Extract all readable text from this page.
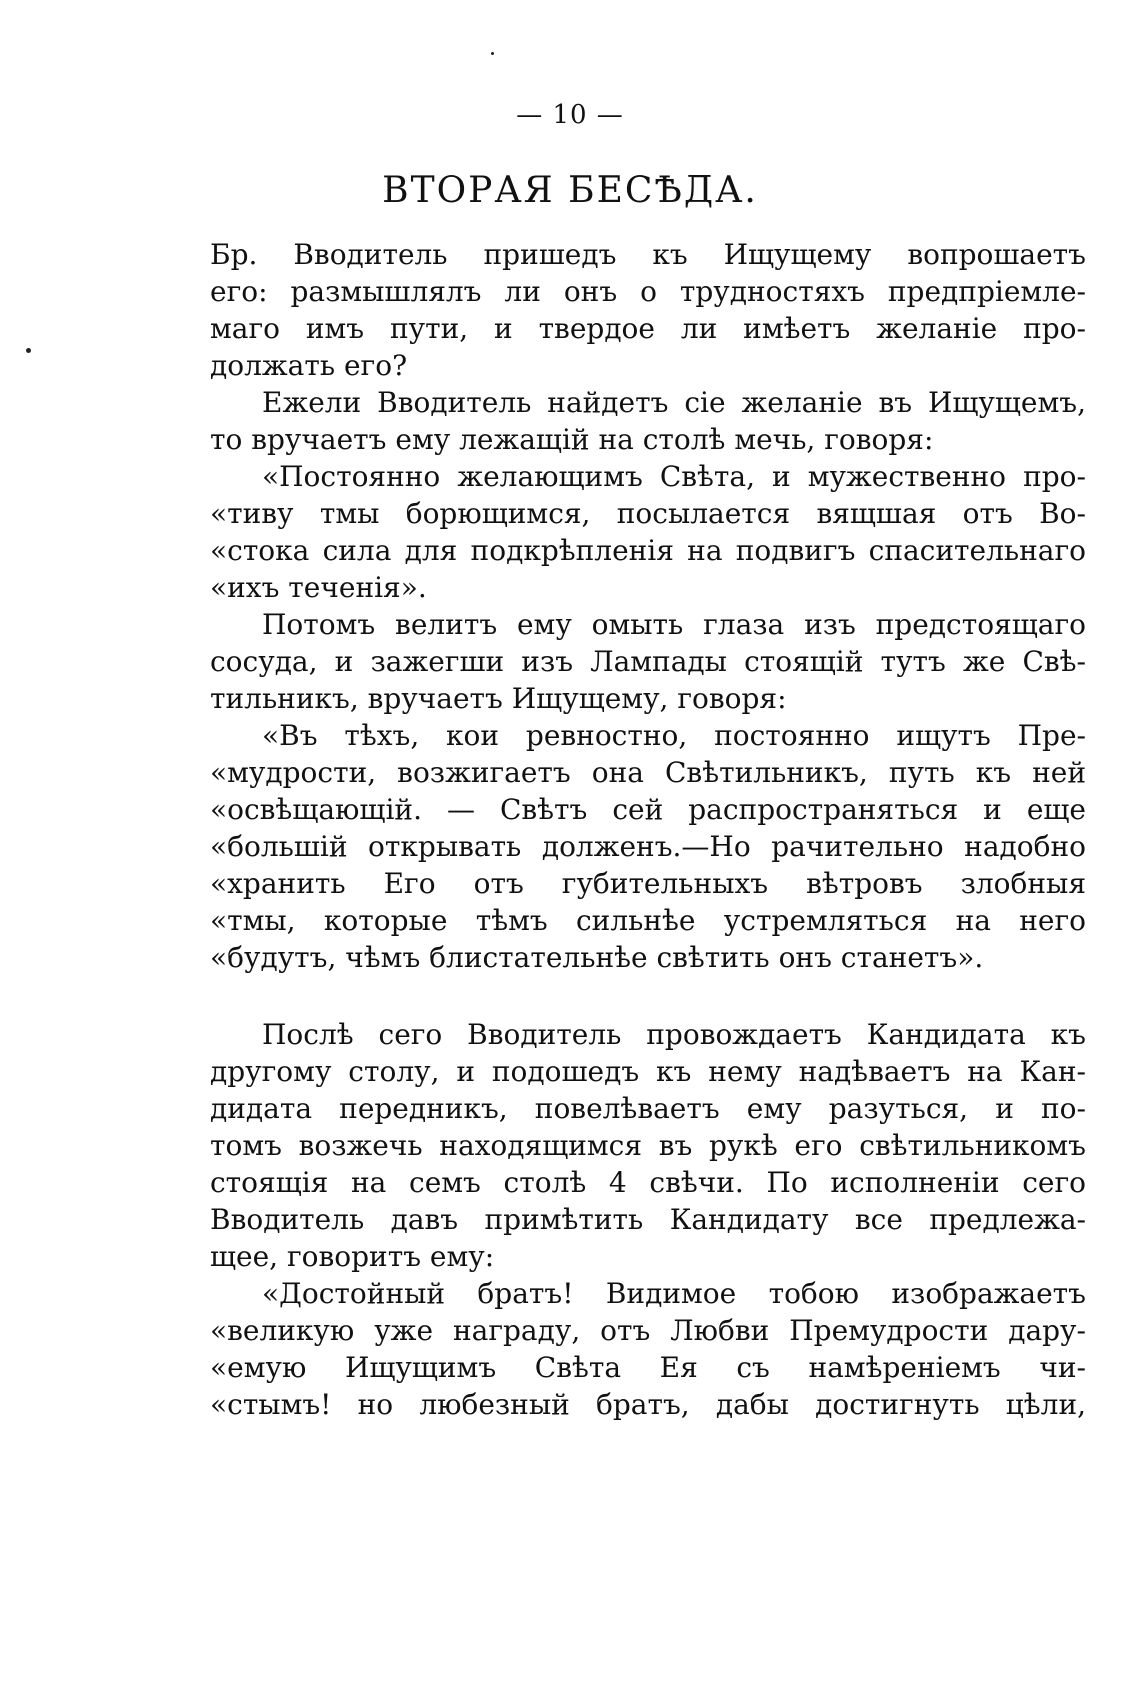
— 10 —
ВТОРАЯ БЕСѢДА.
Бр. Вводитель пришедъ къ Ищущему вопрошаетъ
его: размышлялъ ли онъ о трудностяхъ предпріемле-
маго имъ пути, и твердое ли имѣетъ желаніе про-
должать его?
Ежели Вводитель найдетъ сіе желаніе въ Ищущемъ,
то вручаетъ ему лежащій на столѣ мечь, говоря:
«Постоянно желающимъ Свѣта, и мужественно про-
«тиву тмы борющимся, посылается вящшая отъ Во-
«стока сила для подкрѣпленія на подвигъ спасительнаго
«ихъ теченія».
Потомъ велитъ ему омыть глаза изъ предстоящаго
сосуда, и зажегши изъ Лампады стоящій тутъ же Свѣ-
тильникъ, вручаетъ Ищущему, говоря:
«Въ тѣхъ, кои ревностно, постоянно ищутъ Пре-
«мудрости, возжигаетъ она Свѣтильникъ, путь къ ней
«освѣщающій. — Свѣтъ сей распространяться и еще
«большій открывать долженъ.—Но рачительно надобно
«хранить Его отъ губительныхъ вѣтровъ злобныя
«тмы, которые тѣмъ сильнѣе устремляться на него
«будутъ, чѣмъ блистательнѣе свѣтить онъ станетъ».
Послѣ сего Вводитель провождаетъ Кандидата къ
другому столу, и подошедъ къ нему надѣваетъ на Кан-
дидата передникъ, повелѣваетъ ему разуться, и по-
томъ возжечь находящимся въ рукѣ его свѣтильникомъ
стоящія на семъ столѣ 4 свѣчи. По исполненіи сего
Вводитель давъ примѣтить Кандидату все предлежа-
щее, говоритъ ему:
«Достойный братъ! Видимое тобою изображаетъ
«великую уже награду, отъ Любви Премудрости дару-
«емую Ищущимъ Свѣта Ея съ намѣреніемъ чи-
«стымъ! но любезный братъ, дабы достигнуть цѣли,
